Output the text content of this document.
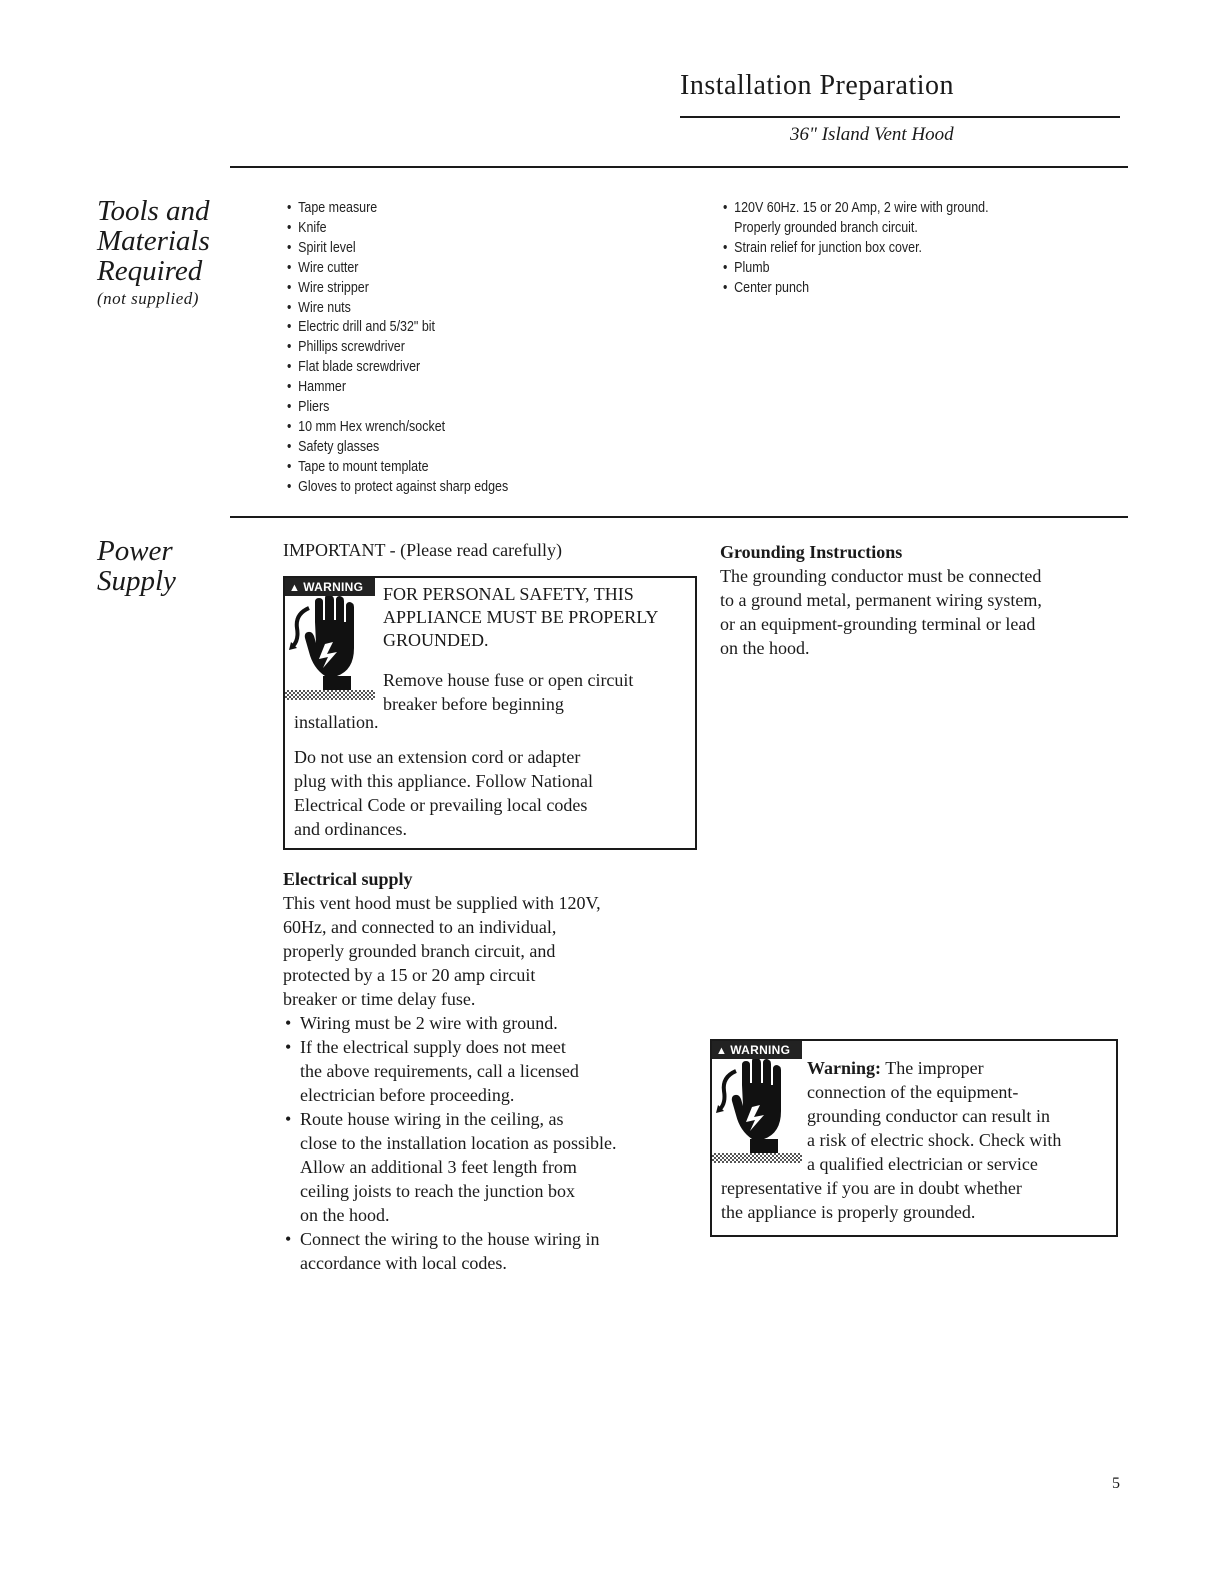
Installation Preparation
36" Island Vent Hood
Tools and
Materials
Required
(not supplied)
• Tape measure
• Knife
• Spirit level
• Wire cutter
• Wire stripper
• Wire nuts
• Electric drill and 5/32" bit
• Phillips screwdriver
• Flat blade screwdriver
• Hammer
• Pliers
• 10 mm Hex wrench/socket
• Safety glasses
• Tape to mount template
• Gloves to protect against sharp edges
• 120V 60Hz. 15 or 20 Amp, 2 wire with ground. Properly grounded branch circuit.
• Strain relief for junction box cover.
• Plumb
• Center punch
Power
Supply
IMPORTANT - (Please read carefully)
▲ WARNING	FOR PERSONAL SAFETY, THIS
APPLIANCE MUST BE PROPERLY
GROUNDED.
Remove house fuse or open circuit
breaker before beginning
installation.
Do not use an extension cord or adapter
plug with this appliance. Follow National
Electrical Code or prevailing local codes
and ordinances.
Electrical supply
This vent hood must be supplied with 120V,
60Hz, and connected to an individual,
properly grounded branch circuit, and
protected by a 15 or 20 amp circuit
breaker or time delay fuse.
• Wiring must be 2 wire with ground.
• If the electrical supply does not meet
the above requirements, call a licensed
electrician before proceeding.
• Route house wiring in the ceiling, as
close to the installation location as possible.
Allow an additional 3 feet length from
ceiling joists to reach the junction box
on the hood.
• Connect the wiring to the house wiring in
accordance with local codes.
Grounding Instructions
The grounding conductor must be connected
to a ground metal, permanent wiring system,
or an equipment-grounding terminal or lead
on the hood.
▲ WARNING
Warning: The improper
connection of the equipment-
grounding conductor can result in
a risk of electric shock. Check with
a qualified electrician or service
representative if you are in doubt whether
the appliance is properly grounded.
5
